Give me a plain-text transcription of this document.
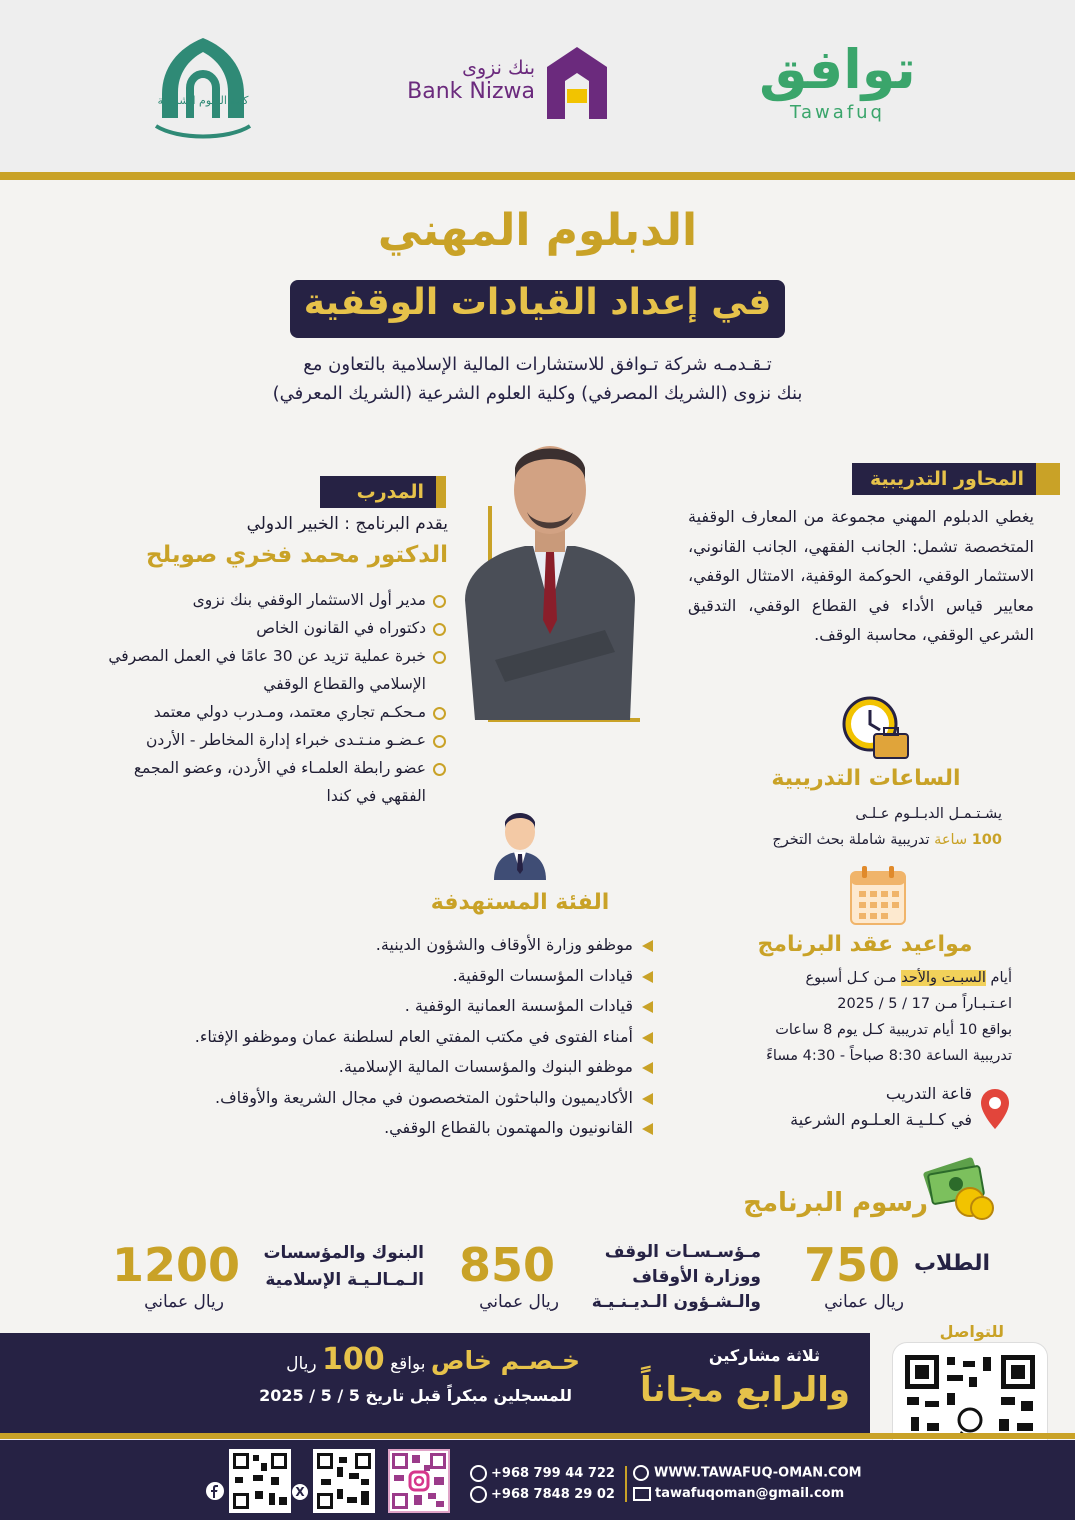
توافق
Tawafuq
بنك نزوى
Bank Nizwa
كلية العلوم الشرعية
الدبلوم المهني
في إعداد القيادات الوقفية
تـقـدمـه شركة تـوافق للاستشارات المالية الإسلامية بالتعاون مع
بنك نزوى (الشريك المصرفي) وكلية العلوم الشرعية (الشريك المعرفي)
المدرب
يقدم البرنامج : الخبير الدولي
الدكتور محمد فخري صويلح
مدير أول الاستثمار الوقفي بنك نزوى
دكتوراه في القانون الخاص
خبرة عملية تزيد عن 30 عامًا في العمل المصرفي
الإسلامي والقطاع الوقفي
مـحكـم تجاري معتمد، ومـدرب دولي معتمد
عـضـو منـتـدى خبراء إدارة المخاطر - الأردن
عضو رابطة العلمـاء في الأردن، وعضو المجمع
الفقهي في كندا
المحاور التدريبية
يغطي الدبلوم المهني مجموعة من المعارف الوقفية المتخصصة تشمل: الجانب الفقهي، الجانب القانوني، الاستثمار الوقفي، الحوكمة الوقفية، الامتثال الوقفي، معايير قياس الأداء في القطاع الوقفي، التدقيق الشرعي الوقفي، محاسبة الوقف.
الساعات التدريبية
يشـتـمـل الدبـلـوم عـلـى
100 ساعة تدريبية شاملة بحث التخرج
الفئة المستهدفة
موظفو وزارة الأوقاف والشؤون الدينية.
قيادات المؤسسات الوقفية.
قيادات المؤسسة العمانية الوقفية .
أمناء الفتوى في مكتب المفتي العام لسلطنة عمان وموظفو الإفتاء.
موظفو البنوك والمؤسسات المالية الإسلامية.
الأكاديميون والباحثون المتخصصون في مجال الشريعة والأوقاف.
القانونيون والمهتمون بالقطاع الوقفي.
مواعيد عقد البرنامج
أيام السبـت والأحد مـن كـل أسبوع
اعـتـبـاراً مـن 17 / 5 / 2025
بواقع 10 أيام تدريبية كـل يوم 8 ساعات
تدريبية الساعة 8:30 صباحاً - 4:30 مساءً
قاعة التدريب
في كـلـيـة العـلـوم الشرعية
رسوم البرنامج
الطلاب
750
ريال عماني
مـؤسـسـات الوقف ووزارة الأوقاف والـشـؤون الـديـنـيـة
850
ريال عماني
البنوك والمؤسسات الـمـالـيـة الإسلامية
1200
ريال عماني
ثلاثة مشاركين
والرابع مجاناً
خـصـم خاص بواقع 100 ريال
للمسجلين مبكراً قبل تاريخ 5 / 5 / 2025
للتواصل
X
+968 799 44 722
+968 7848 29 02
WWW.TAWAFUQ-OMAN.COM
tawafuqoman@gmail.com
